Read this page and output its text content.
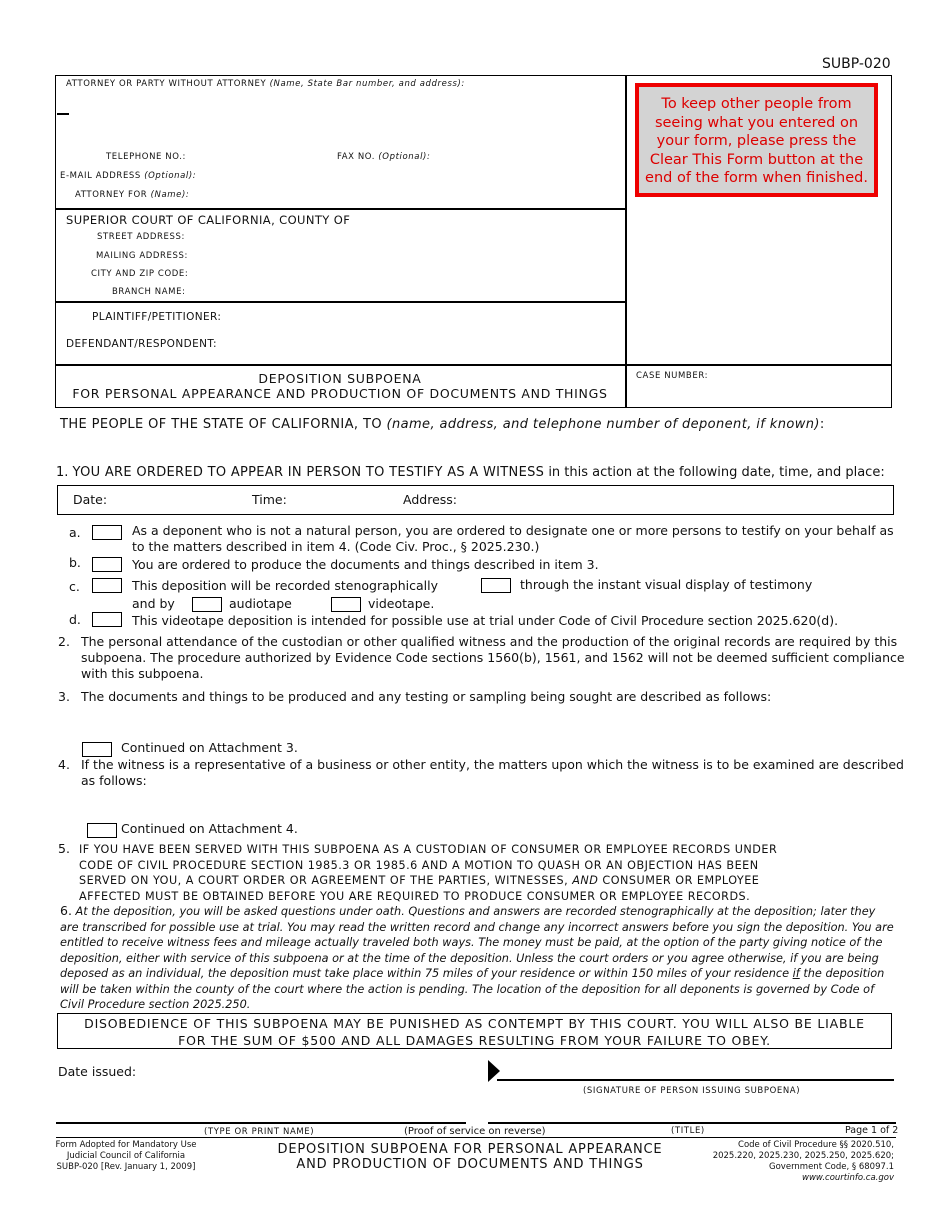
SUBP-020
ATTORNEY OR PARTY WITHOUT ATTORNEY (Name, State Bar number, and address):
TELEPHONE NO.:	FAX NO. (Optional):
E-MAIL ADDRESS (Optional):
ATTORNEY FOR (Name):
SUPERIOR COURT OF CALIFORNIA, COUNTY OF
STREET ADDRESS:
MAILING ADDRESS:
CITY AND ZIP CODE:
BRANCH NAME:
PLAINTIFF/PETITIONER:
DEFENDANT/RESPONDENT:
DEPOSITION SUBPOENA
FOR PERSONAL APPEARANCE AND PRODUCTION OF DOCUMENTS AND THINGS
CASE NUMBER:
To keep other people from seeing what you entered on your form, please press the Clear This Form button at the end of the form when finished.
THE PEOPLE OF THE STATE OF CALIFORNIA, TO (name, address, and telephone number of deponent, if known):
1. YOU ARE ORDERED TO APPEAR IN PERSON TO TESTIFY AS A WITNESS in this action at the following date, time, and place:
Date:	Time:	Address:
a.	As a deponent who is not a natural person, you are ordered to designate one or more persons to testify on your behalf as
to the matters described in item 4. (Code Civ. Proc., § 2025.230.)
b.	You are ordered to produce the documents and things described in item 3.
c.	This deposition will be recorded stenographically	through the instant visual display of testimony
and by	audiotape	videotape.
d.	This videotape deposition is intended for possible use at trial under Code of Civil Procedure section 2025.620(d).
2. The personal attendance of the custodian or other qualified witness and the production of the original records are required by this
subpoena. The procedure authorized by Evidence Code sections 1560(b), 1561, and 1562 will not be deemed sufficient compliance
with this subpoena.
3. The documents and things to be produced and any testing or sampling being sought are described as follows:
Continued on Attachment 3.
4. If the witness is a representative of a business or other entity, the matters upon which the witness is to be examined are described
as follows:
Continued on Attachment 4.
5. IF YOU HAVE BEEN SERVED WITH THIS SUBPOENA AS A CUSTODIAN OF CONSUMER OR EMPLOYEE RECORDS UNDER
CODE OF CIVIL PROCEDURE SECTION 1985.3 OR 1985.6 AND A MOTION TO QUASH OR AN OBJECTION HAS BEEN
SERVED ON YOU, A COURT ORDER OR AGREEMENT OF THE PARTIES, WITNESSES, AND CONSUMER OR EMPLOYEE
AFFECTED MUST BE OBTAINED BEFORE YOU ARE REQUIRED TO PRODUCE CONSUMER OR EMPLOYEE RECORDS.
6. At the deposition, you will be asked questions under oath. Questions and answers are recorded stenographically at the deposition; later they are transcribed for possible use at trial. You may read the written record and change any incorrect answers before you sign the deposition. You are entitled to receive witness fees and mileage actually traveled both ways. The money must be paid, at the option of the party giving notice of the deposition, either with service of this subpoena or at the time of the deposition. Unless the court orders or you agree otherwise, if you are being deposed as an individual, the deposition must take place within 75 miles of your residence or within 150 miles of your residence if the deposition will be taken within the county of the court where the action is pending. The location of the deposition for all deponents is governed by Code of Civil Procedure section 2025.250.
DISOBEDIENCE OF THIS SUBPOENA MAY BE PUNISHED AS CONTEMPT BY THIS COURT. YOU WILL ALSO BE LIABLE
FOR THE SUM OF $500 AND ALL DAMAGES RESULTING FROM YOUR FAILURE TO OBEY.
Date issued:
(SIGNATURE OF PERSON ISSUING SUBPOENA)
(TYPE OR PRINT NAME)	(TITLE)
(Proof of service on reverse)	Page 1 of 2
Form Adopted for Mandatory Use
Judicial Council of California
SUBP-020 [Rev. January 1, 2009]
DEPOSITION SUBPOENA FOR PERSONAL APPEARANCE
AND PRODUCTION OF DOCUMENTS AND THINGS
Code of Civil Procedure §§ 2020.510,
2025.220, 2025.230, 2025.250, 2025.620;
Government Code, § 68097.1
www.courtinfo.ca.gov
